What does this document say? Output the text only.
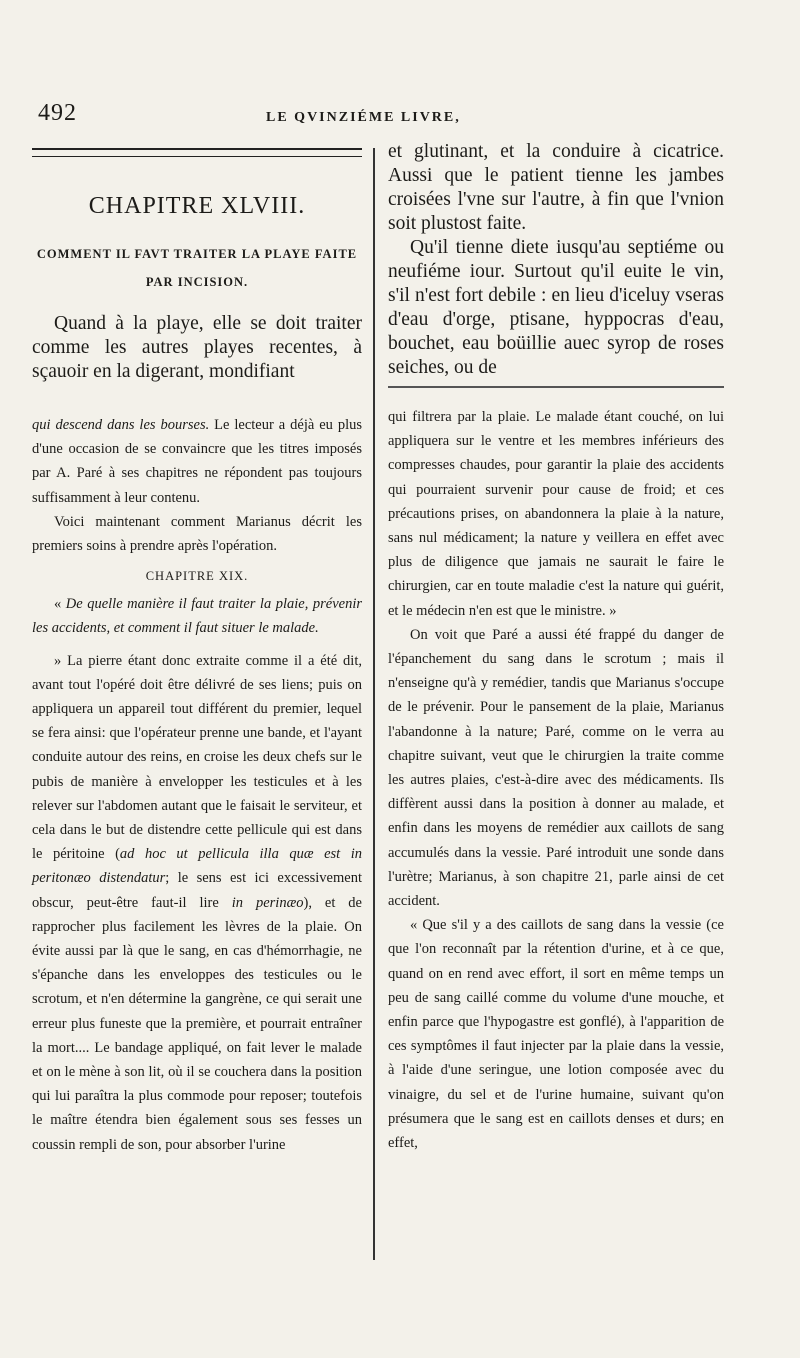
492	LE QVINZIÉME LIVRE,
CHAPITRE XLVIII.
COMMENT IL FAVT TRAITER LA PLAYE FAITE PAR INCISION.

Quand à la playe, elle se doit traiter comme les autres playes recentes, à sçauoir en la digerant, mondifiant

qui descend dans les bourses. Le lecteur a déjà eu plus d'une occasion de se convaincre que les titres imposés par A. Paré à ses chapitres ne répondent pas toujours suffisamment à leur contenu.

Voici maintenant comment Marianus décrit les premiers soins à prendre après l'opération.

CHAPITRE XIX.

« De quelle manière il faut traiter la plaie, prévenir les accidents, et comment il faut situer le malade.

» La pierre étant donc extraite comme il a été dit, avant tout l'opéré doit être délivré de ses liens; puis on appliquera un appareil tout différent du premier, lequel se fera ainsi: que l'opérateur prenne une bande, et l'ayant conduite autour des reins, en croise les deux chefs sur le pubis de manière à envelopper les testicules et à les relever sur l'abdomen autant que le faisait le serviteur, et cela dans le but de distendre cette pellicule qui est dans le péritoine (ad hoc ut pellicula illa quæ est in peritonæo distendatur; le sens est ici excessivement obscur, peut-être faut-il lire in perinæo), et de rapprocher plus facilement les lèvres de la plaie. On évite aussi par là que le sang, en cas d'hémorrhagie, ne s'épanche dans les enveloppes des testicules ou le scrotum, et n'en détermine la gangrène, ce qui serait une erreur plus funeste que la première, et pourrait entraîner la mort.... Le bandage appliqué, on fait lever le malade et on le mène à son lit, où il se couchera dans la position qui lui paraîtra la plus commode pour reposer; toutefois le maître étendra bien également sous ses fesses un coussin rempli de son, pour absorber l'urine

et glutinant, et la conduire à cicatrice. Aussi que le patient tienne les jambes croisées l'vne sur l'autre, à fin que l'vnion soit plustost faite.

Qu'il tienne diete iusqu'au septiéme ou neufiéme iour. Surtout qu'il euite le vin, s'il n'est fort debile : en lieu d'iceluy vseras d'eau d'orge, ptisane, hyppocras d'eau, bouchet, eau boüillie auec syrop de roses seiches, ou de

qui filtrera par la plaie. Le malade étant couché, on lui appliquera sur le ventre et les membres inférieurs des compresses chaudes, pour garantir la plaie des accidents qui pourraient survenir pour cause de froid; et ces précautions prises, on abandonnera la plaie à la nature, sans nul médicament; la nature y veillera en effet avec plus de diligence que jamais ne saurait le faire le chirurgien, car en toute maladie c'est la nature qui guérit, et le médecin n'en est que le ministre. »

On voit que Paré a aussi été frappé du danger de l'épanchement du sang dans le scrotum ; mais il n'enseigne qu'à y remédier, tandis que Marianus s'occupe de le prévenir. Pour le pansement de la plaie, Marianus l'abandonne à la nature; Paré, comme on le verra au chapitre suivant, veut que le chirurgien la traite comme les autres plaies, c'est-à-dire avec des médicaments. Ils diffèrent aussi dans la position à donner au malade, et enfin dans les moyens de remédier aux caillots de sang accumulés dans la vessie. Paré introduit une sonde dans l'urètre; Marianus, à son chapitre 21, parle ainsi de cet accident.

« Que s'il y a des caillots de sang dans la vessie (ce que l'on reconnaît par la rétention d'urine, et à ce que, quand on en rend avec effort, il sort en même temps un peu de sang caillé comme du volume d'une mouche, et enfin parce que l'hypogastre est gonflé), à l'apparition de ces symptômes il faut injecter par la plaie dans la vessie, à l'aide d'une seringue, une lotion composée avec du vinaigre, du sel et de l'urine humaine, suivant qu'on présumera que le sang est en caillots denses et durs; en effet,
